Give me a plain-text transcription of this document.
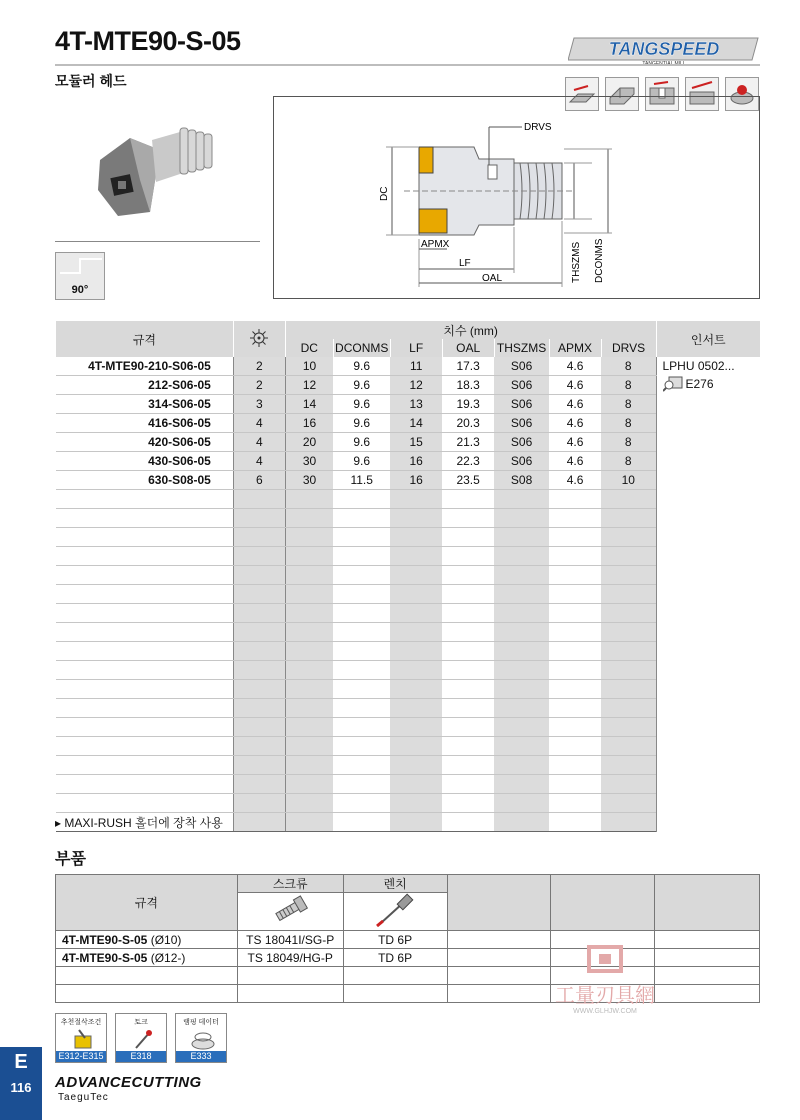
4T-MTE90-S-05	TANGSPEED
모듈러 헤드
90°
DRVS
DC
APMX
LF
OAL	THSZMS DCONMS
규격		치수 (mm)							인서트
		DC	DCONMS	LF	OAL	THSZMS	APMX	DRVS	
4T-MTE90-210-S06-05	2	10	9.6	11	17.3	S06	4.6	8	LPHU 0502...
E276

212-S06-05	2	12	9.6	12	18.3	S06	4.6	8	
314-S06-05	3	14	9.6	13	19.3	S06	4.6	8	
416-S06-05	4	16	9.6	14	20.3	S06	4.6	8	
420-S06-05	4	20	9.6	15	21.3	S06	4.6	8	
430-S06-05	4	30	9.6	16	22.3	S06	4.6	8	
630-S08-05	6	30	11.5	16	23.5	S08	4.6	10	

▸ MAXI-RUSH 홀더에 장착 사용
부품
규격	스크류	렌치			

4T-MTE90-S-05 (Ø10)	TS 18041I/SG-P	TD 6P			
4T-MTE90-S-05 (Ø12-)	TS 18049/HG-P	TD 6P			

추천절삭조건
E312-E315
토크
E318
램핑 데이터
E333
工量刃具網
WWW.GLHJW.COM
E
116	ADVANCECUTTING
TaeguTec
